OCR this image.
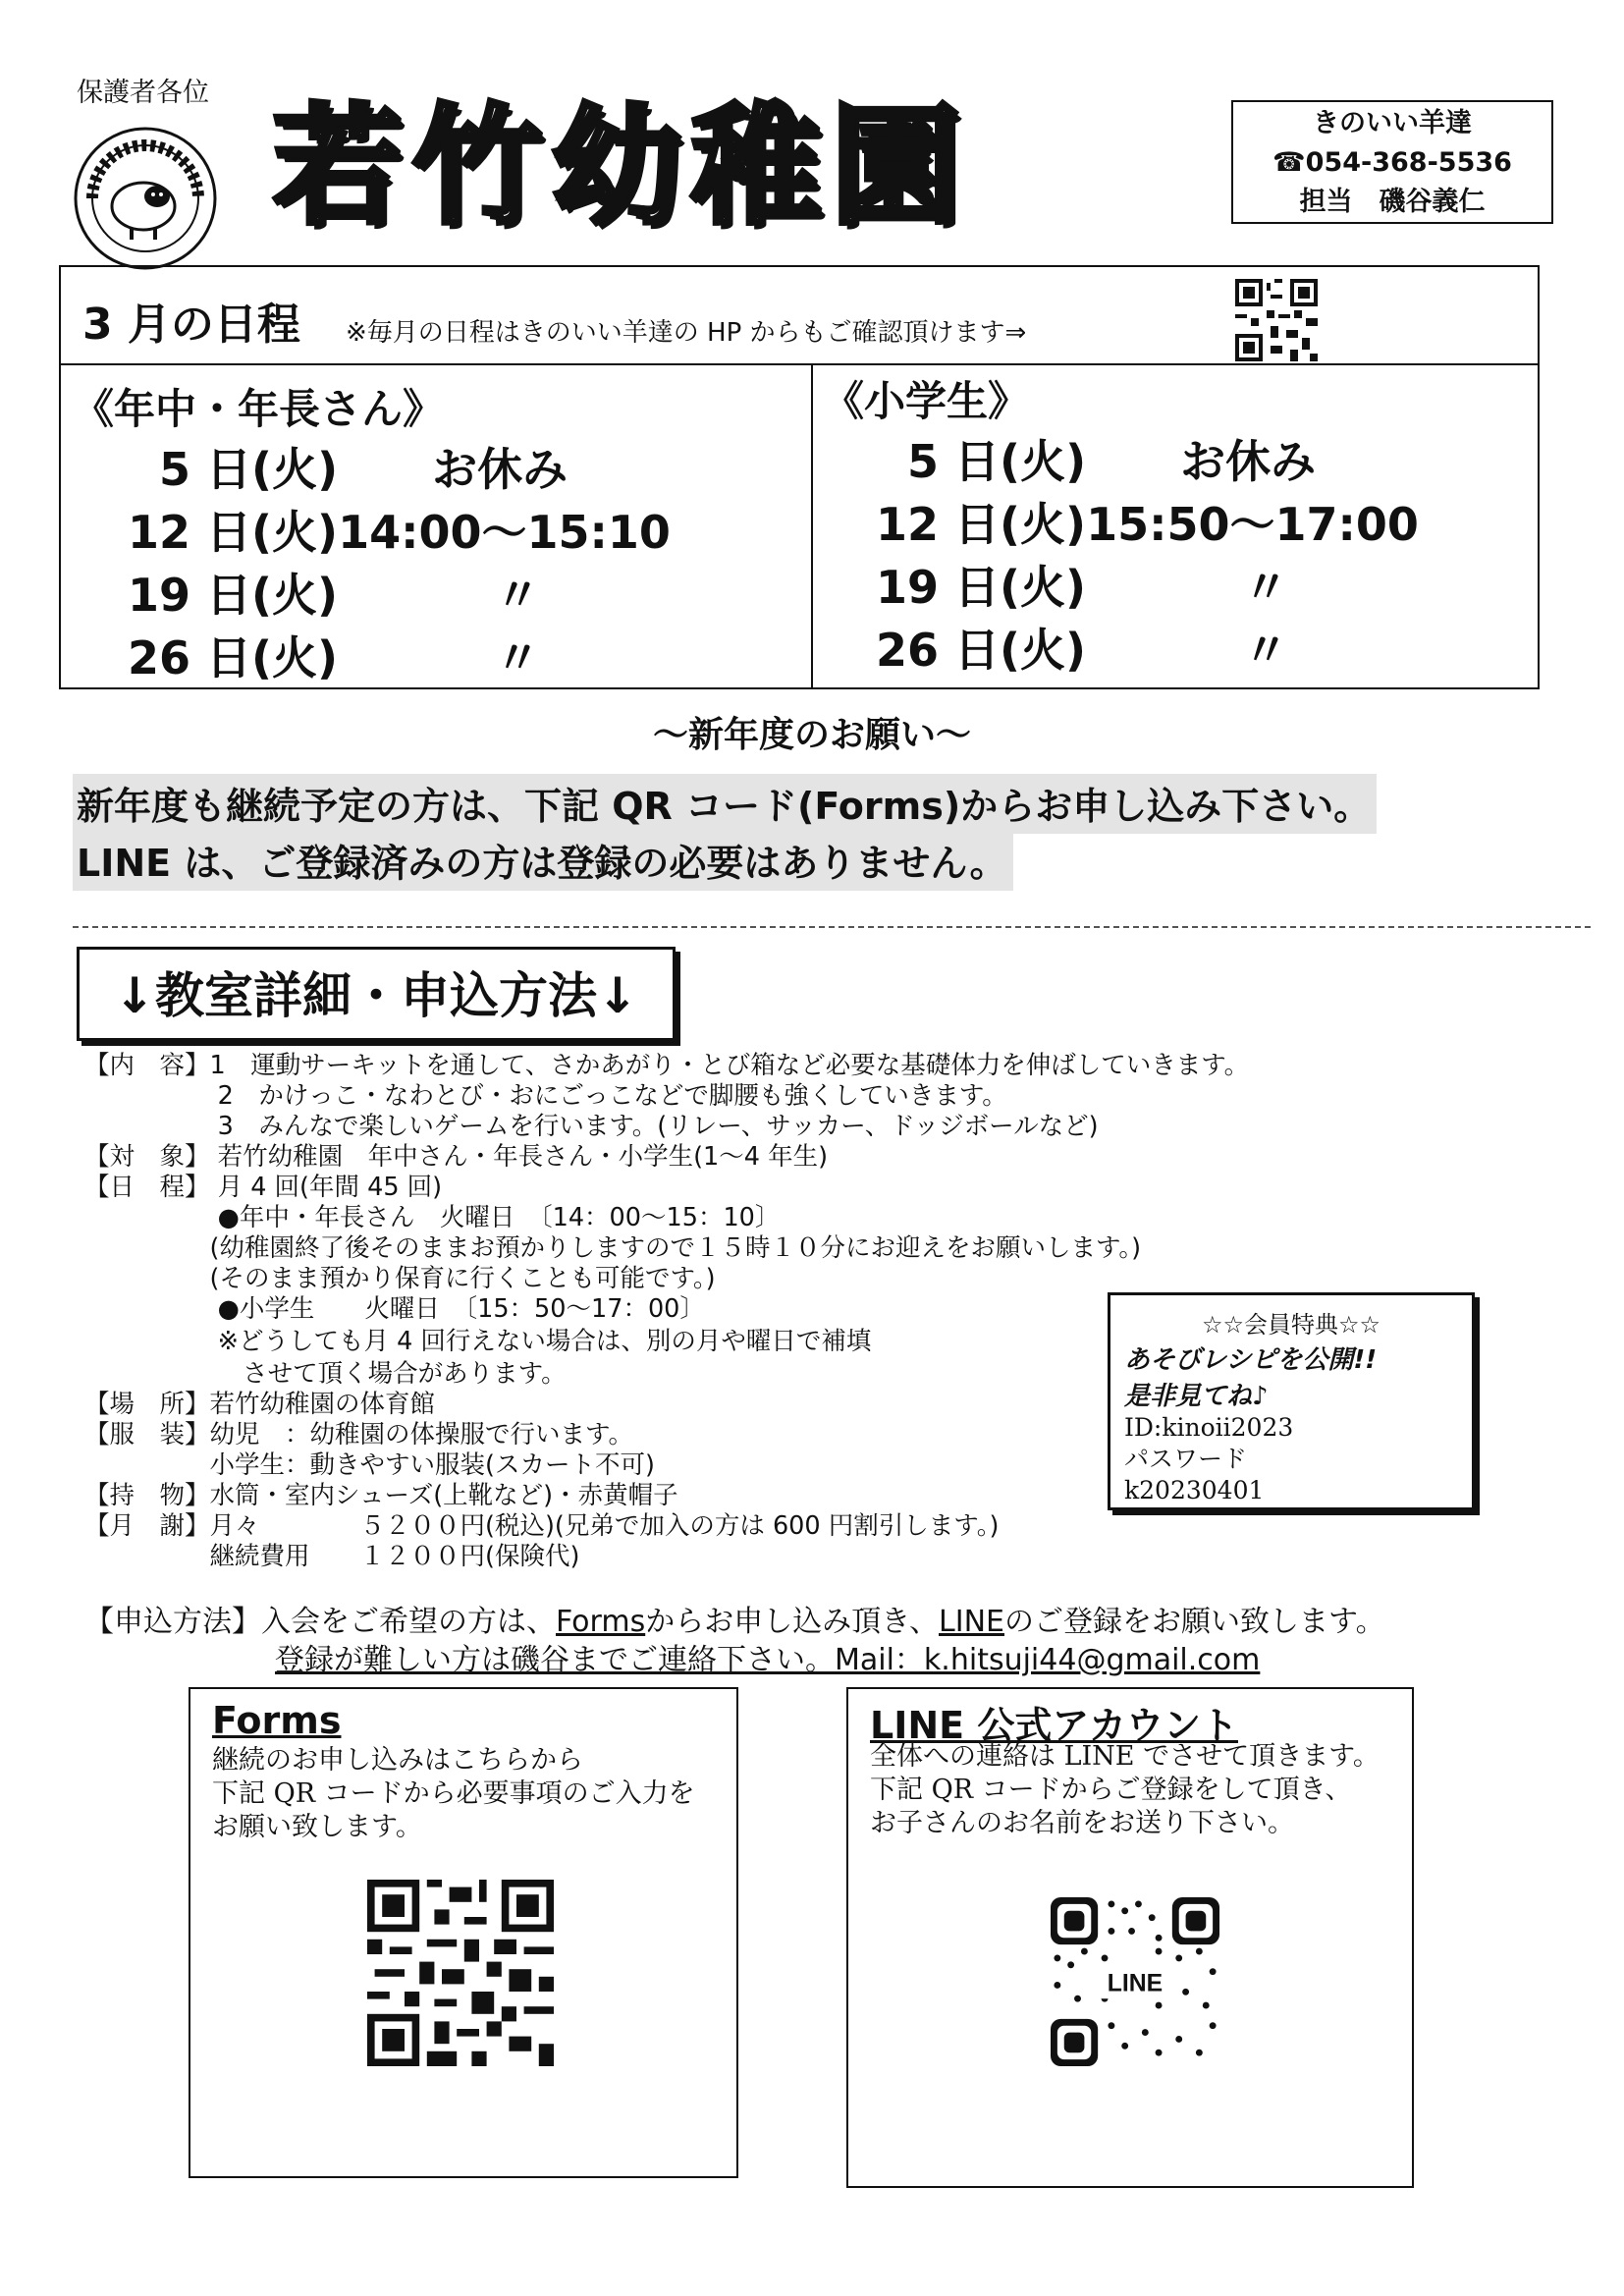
保護者各位 若竹幼稚園	きのいい羊達
☎054-368-5536
担当　磯谷義仁
3 月の日程 ※毎月の日程はきのいい羊達の HP からもご確認頂けます⇒
《年中・年長さん》
5 日(火)      お休み
12 日(火)14:00～15:10
19 日(火)          〃
26 日(火)          〃
《小学生》
5 日(火)      お休み
12 日(火)15:50～17:00
19 日(火)          〃
26 日(火)          〃
～新年度のお願い～
新年度も継続予定の方は、下記 QR コード(Forms)からお申し込み下さい。
LINE は、ご登録済みの方は登録の必要はありません。
↓教室詳細・申込方法↓
【内　容】1　運動サーキットを通して、さかあがり・とび箱など必要な基礎体力を伸ばしていきます。
　　　　　 2　かけっこ・なわとび・おにごっこなどで脚腰も強くしていきます。
　　　　　 3　みんなで楽しいゲームを行います。(リレー、サッカー、ドッジボールなど)
【対　象】 若竹幼稚園　年中さん・年長さん・小学生(1～4 年生)
【日　程】 月 4 回(年間 45 回)
　　　　　 ●年中・年長さん　火曜日　〔14：00～15：10〕
　　　　　(幼稚園終了後そのままお預かりしますので１５時１０分にお迎えをお願いします。)
　　　　　(そのまま預かり保育に行くことも可能です。)
　　　　　 ●小学生　　火曜日　〔15：50～17：00〕
　　　　　 ※どうしても月 4 回行えない場合は、別の月や曜日で補填
　　　　　　 させて頂く場合があります。
【場　所】若竹幼稚園の体育館
【服　装】幼児　：幼稚園の体操服で行います。
　　　　　小学生：動きやすい服装(スカート不可)
【持　物】水筒・室内シューズ(上靴など)・赤黄帽子
【月　謝】月々　　　　５２００円(税込)(兄弟で加入の方は 600 円割引します。)
　　　　　継続費用　　１２００円(保険代)
☆☆会員特典☆☆
あそびレシピを公開!!
是非見てね♪
ID:kinoii2023
パスワード
k20230401
【申込方法】入会をご希望の方は、Formsからお申し込み頂き、LINEのご登録をお願い致します。
登録が難しい方は磯谷までご連絡下さい。Mail：k.hitsuji44@gmail.com
Forms
継続のお申し込みはこちらから
下記 QR コードから必要事項のご入力を
お願い致します。
LINE 公式アカウント
全体への連絡は LINE でさせて頂きます。
下記 QR コードからご登録をして頂き、
お子さんのお名前をお送り下さい。
LINE
